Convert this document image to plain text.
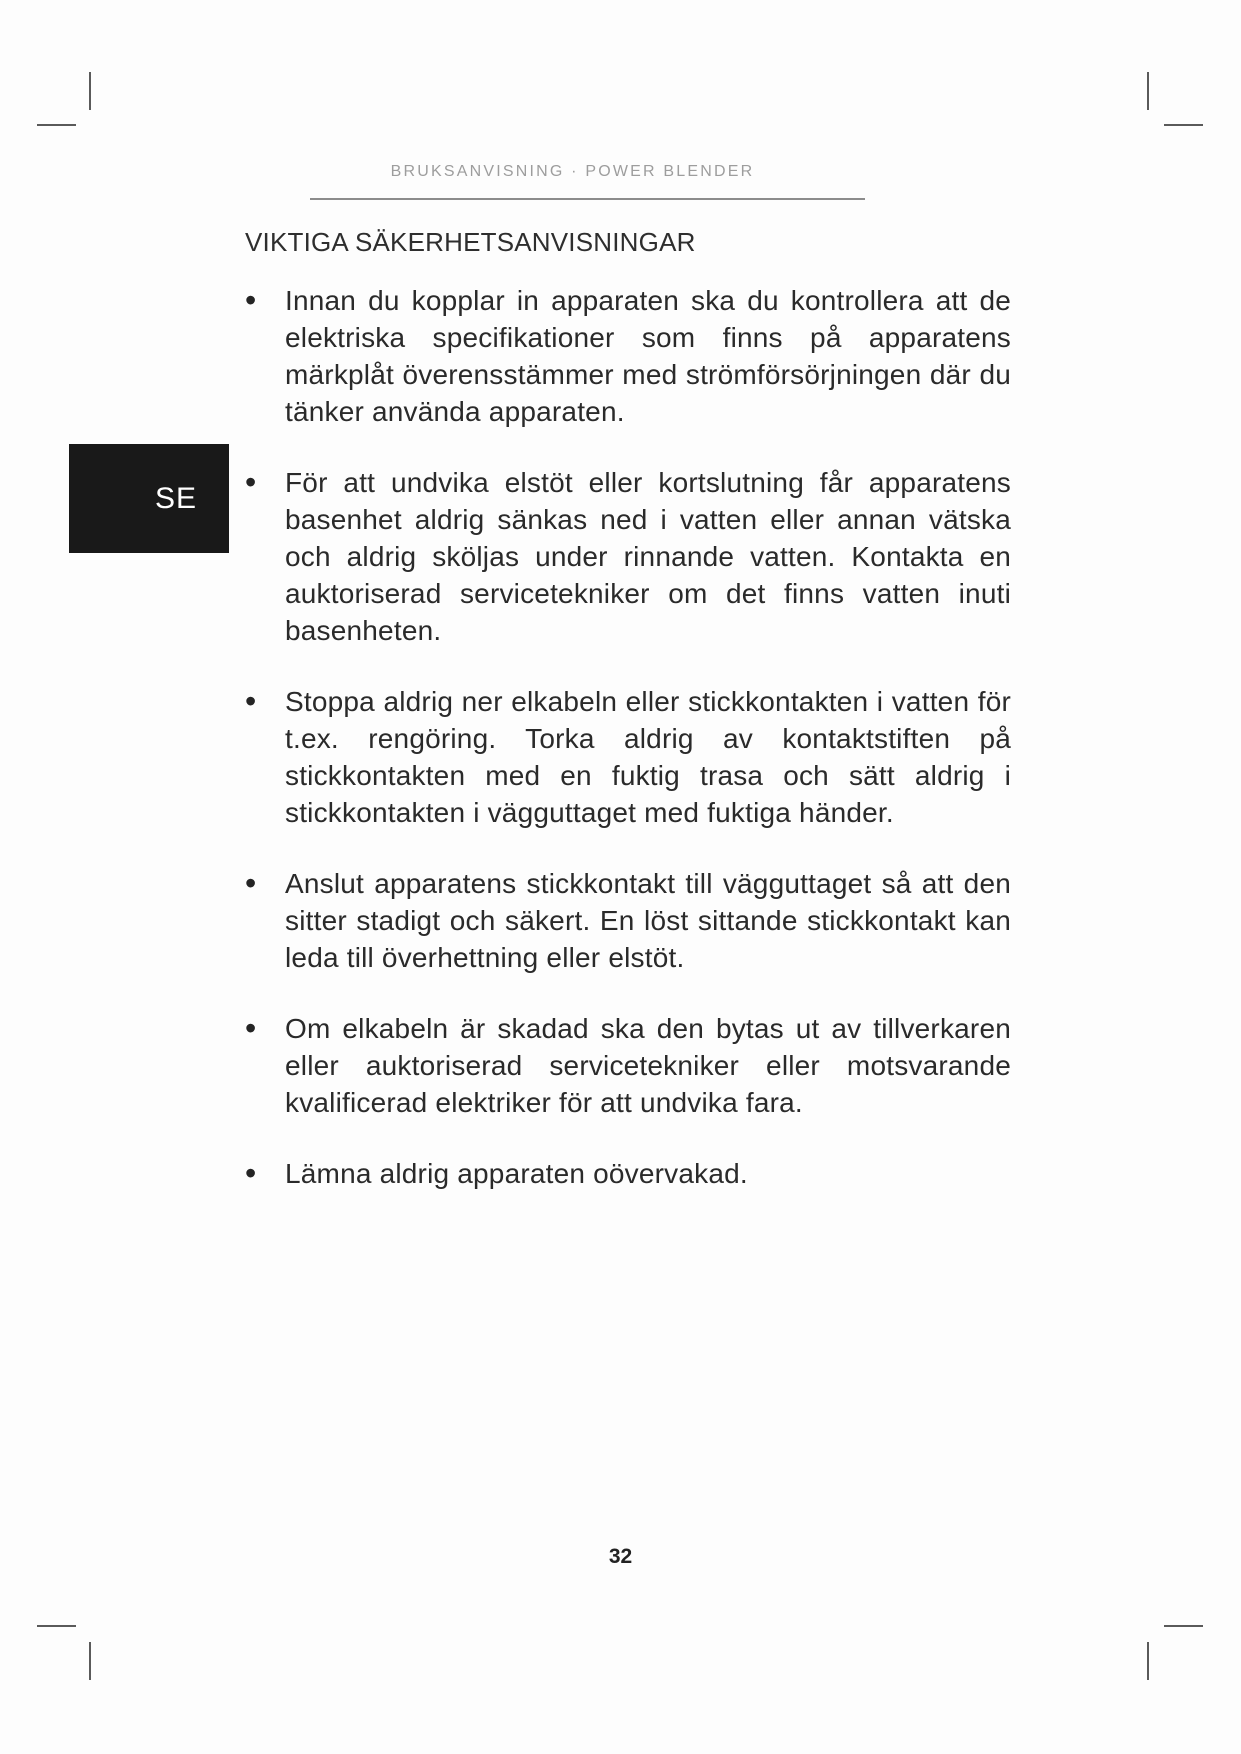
BRUKSANVISNING · POWER BLENDER
SE
VIKTIGA SÄKERHETSANVISNINGAR
•	Innan du kopplar in apparaten ska du kontrollera att de elektriska specifikationer som finns på apparatens märkplåt överensstämmer med strömförsörjningen där du tänker använda apparaten.

•	För att undvika elstöt eller kortslutning får apparatens basenhet aldrig sänkas ned i vatten eller annan vätska och aldrig sköljas under rinnande vatten. Kontakta en auktoriserad servicetekniker om det finns vatten inuti basenheten.

•	Stoppa aldrig ner elkabeln eller stickkontakten i vatten för t.ex. rengöring. Torka aldrig av kontaktstiften på stickkontakten med en fuktig trasa och sätt aldrig i stickkontakten i vägguttaget med fuktiga händer.

•	Anslut apparatens stickkontakt till vägguttaget så att den sitter stadigt och säkert. En löst sittande stickkontakt kan leda till överhettning eller elstöt.

•	Om elkabeln är skadad ska den bytas ut av tillverkaren eller auktoriserad servicetekniker eller motsvarande kvalificerad elektriker för att undvika fara.

•	Lämna aldrig apparaten oövervakad.

32
